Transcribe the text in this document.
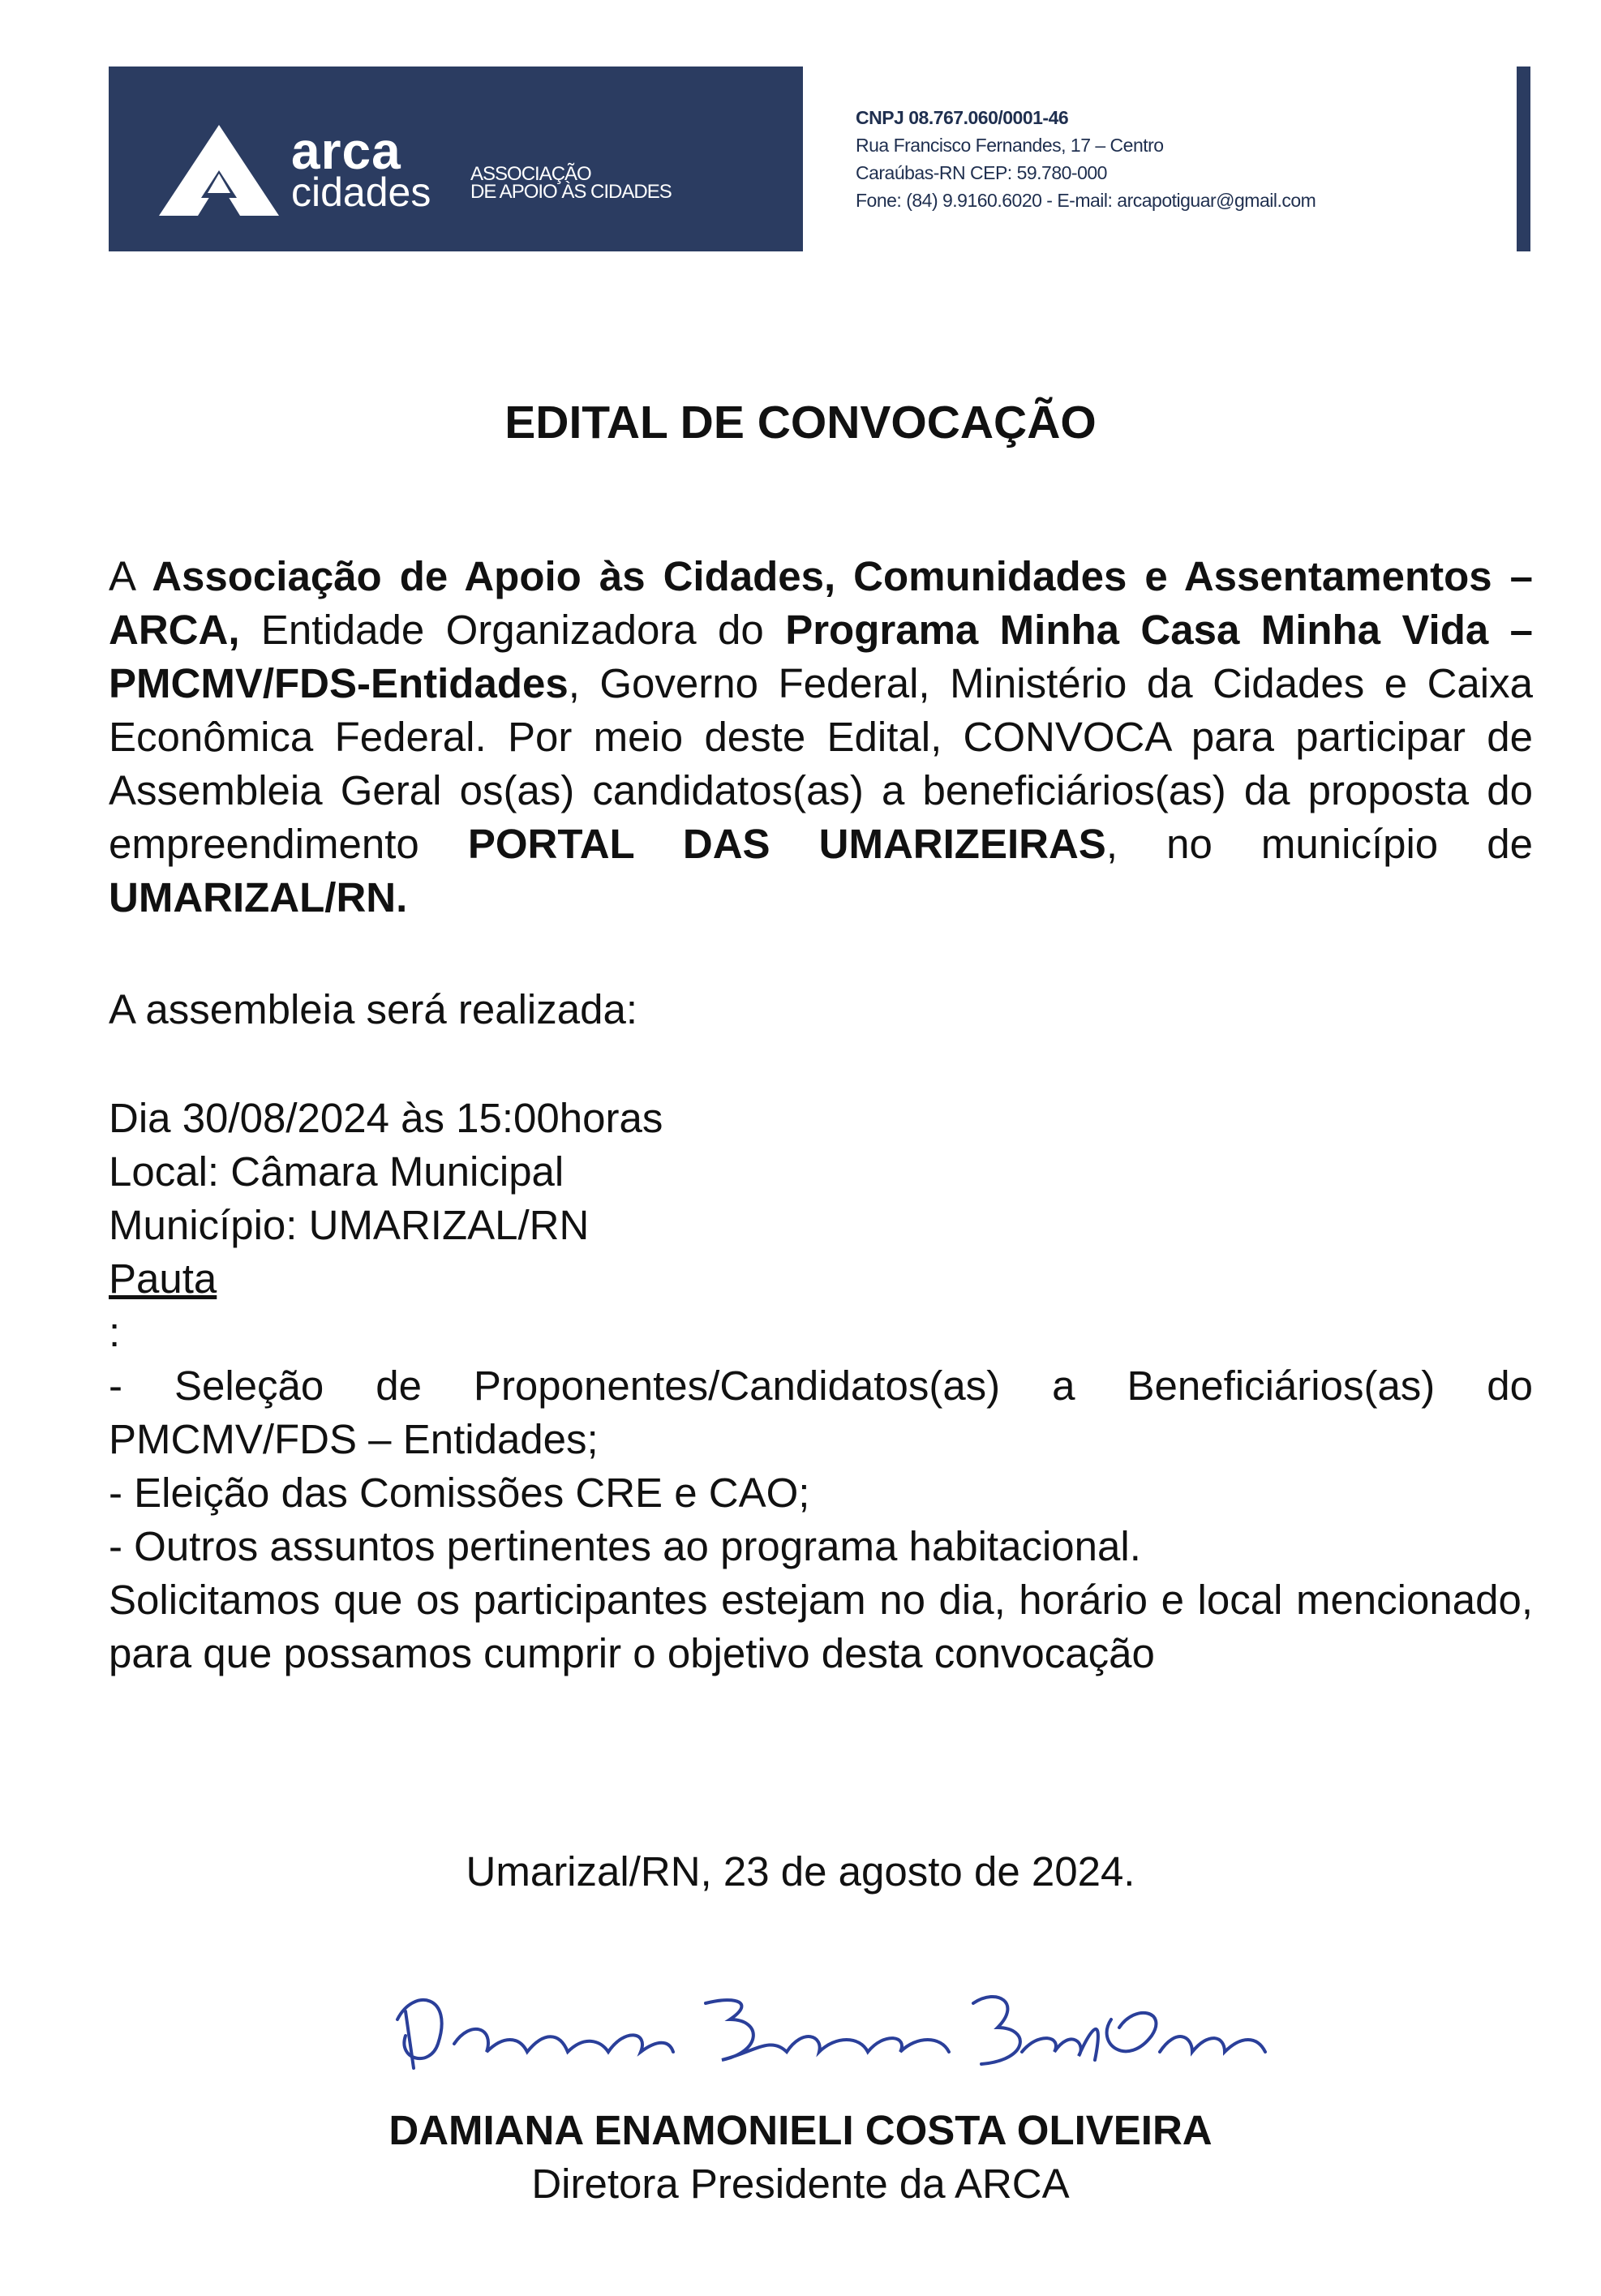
arca
cidades ASSOCIAÇÃO
DE APOIO ÀS CIDADES
CNPJ 08.767.060/0001-46
Rua Francisco Fernandes, 17 – Centro
Caraúbas-RN CEP: 59.780-000
Fone: (84) 9.9160.6020 - E-mail: arcapotiguar@gmail.com
EDITAL DE CONVOCAÇÃO

A Associação de Apoio às Cidades, Comunidades e Assentamentos – ARCA, Entidade Organizadora do Programa Minha Casa Minha Vida – PMCMV/FDS-Entidades, Governo Federal, Ministério da Cidades e Caixa Econômica Federal. Por meio deste Edital, CONVOCA para participar de Assembleia Geral os(as) candidatos(as) a beneficiários(as) da proposta do empreendimento PORTAL DAS UMARIZEIRAS, no município de UMARIZAL/RN.

A assembleia será realizada:
Dia 30/08/2024 às 15:00horas
Local: Câmara Municipal
Município: UMARIZAL/RN
Pauta
:
- Seleção de Proponentes/Candidatos(as) a Beneficiários(as) do PMCMV/FDS – Entidades;
- Eleição das Comissões CRE e CAO;
- Outros assuntos pertinentes ao programa habitacional.
Solicitamos que os participantes estejam no dia, horário e local mencionado, para que possamos cumprir o objetivo desta convocação
Umarizal/RN, 23 de agosto de 2024.
DAMIANA ENAMONIELI COSTA OLIVEIRA
Diretora Presidente da ARCA
